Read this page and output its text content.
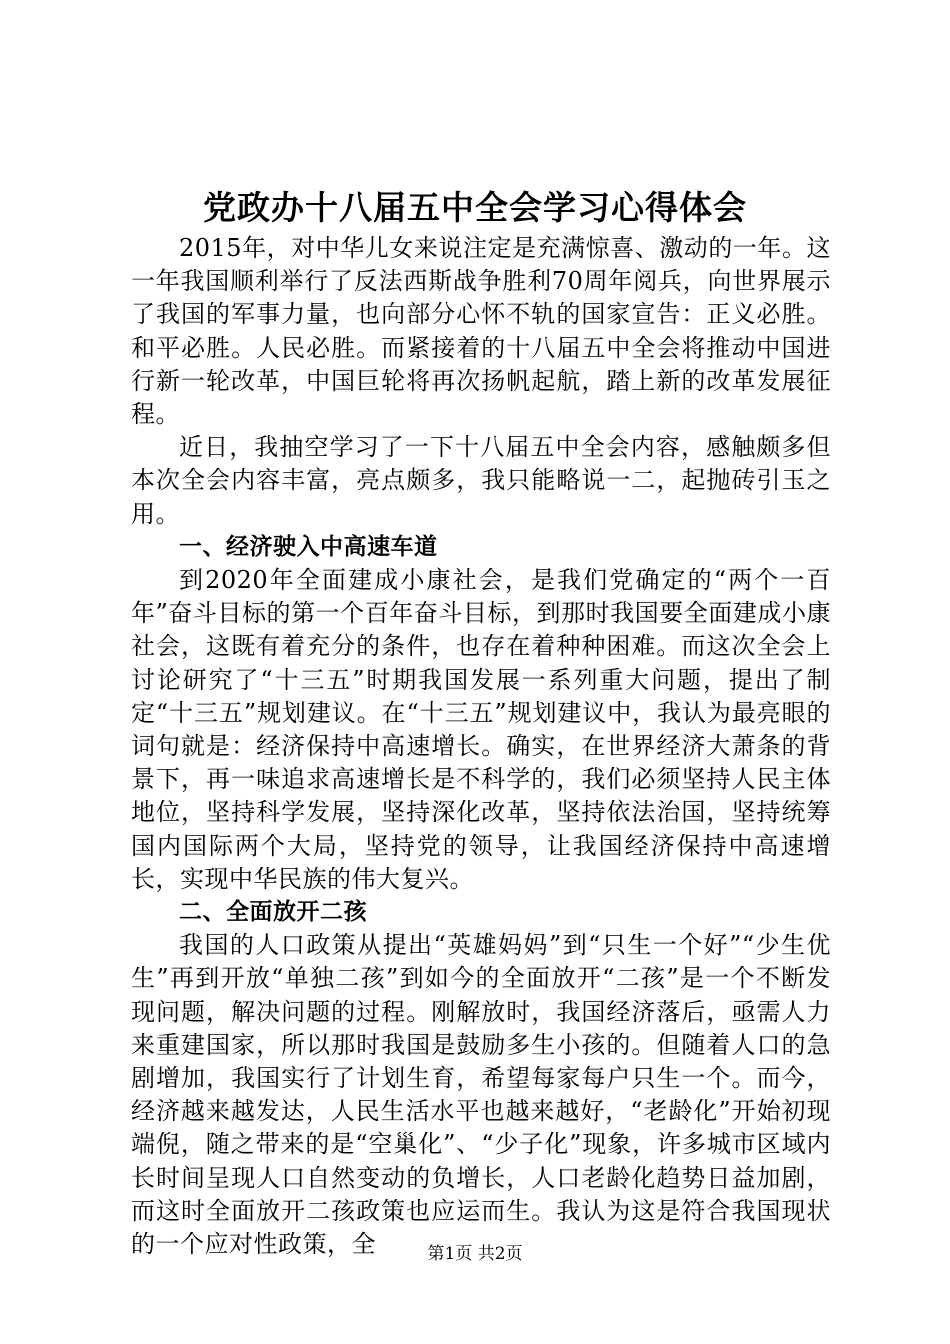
党政办十八届五中全会学习心得体会

2015年，对中华儿女来说注定是充满惊喜、激动的一年。这一年我国顺利举行了反法西斯战争胜利70周年阅兵，向世界展示了我国的军事力量，也向部分心怀不轨的国家宣告：正义必胜。和平必胜。人民必胜。而紧接着的十八届五中全会将推动中国进行新一轮改革，中国巨轮将再次扬帆起航，踏上新的改革发展征程。

近日，我抽空学习了一下十八届五中全会内容，感触颇多但本次全会内容丰富，亮点颇多，我只能略说一二，起抛砖引玉之用。

一、经济驶入中高速车道

到2020年全面建成小康社会，是我们党确定的“两个一百年”奋斗目标的第一个百年奋斗目标，到那时我国要全面建成小康社会，这既有着充分的条件，也存在着种种困难。而这次全会上讨论研究了“十三五”时期我国发展一系列重大问题，提出了制定“十三五”规划建议。在“十三五”规划建议中，我认为最亮眼的词句就是：经济保持中高速增长。确实，在世界经济大萧条的背景下，再一味追求高速增长是不科学的，我们必须坚持人民主体地位，坚持科学发展，坚持深化改革，坚持依法治国，坚持统筹国内国际两个大局，坚持党的领导，让我国经济保持中高速增长，实现中华民族的伟大复兴。

二、全面放开二孩

我国的人口政策从提出“英雄妈妈”到“只生一个好”“少生优生”再到开放“单独二孩”到如今的全面放开“二孩”是一个不断发现问题，解决问题的过程。刚解放时，我国经济落后，亟需人力来重建国家，所以那时我国是鼓励多生小孩的。但随着人口的急剧增加，我国实行了计划生育，希望每家每户只生一个。而今，经济越来越发达，人民生活水平也越来越好，“老龄化”开始初现端倪，随之带来的是“空巢化”、“少子化”现象，许多城市区域内长时间呈现人口自然变动的负增长，人口老龄化趋势日益加剧，而这时全面放开二孩政策也应运而生。我认为这是符合我国现状的一个应对性政策，全	第1页 共2页
